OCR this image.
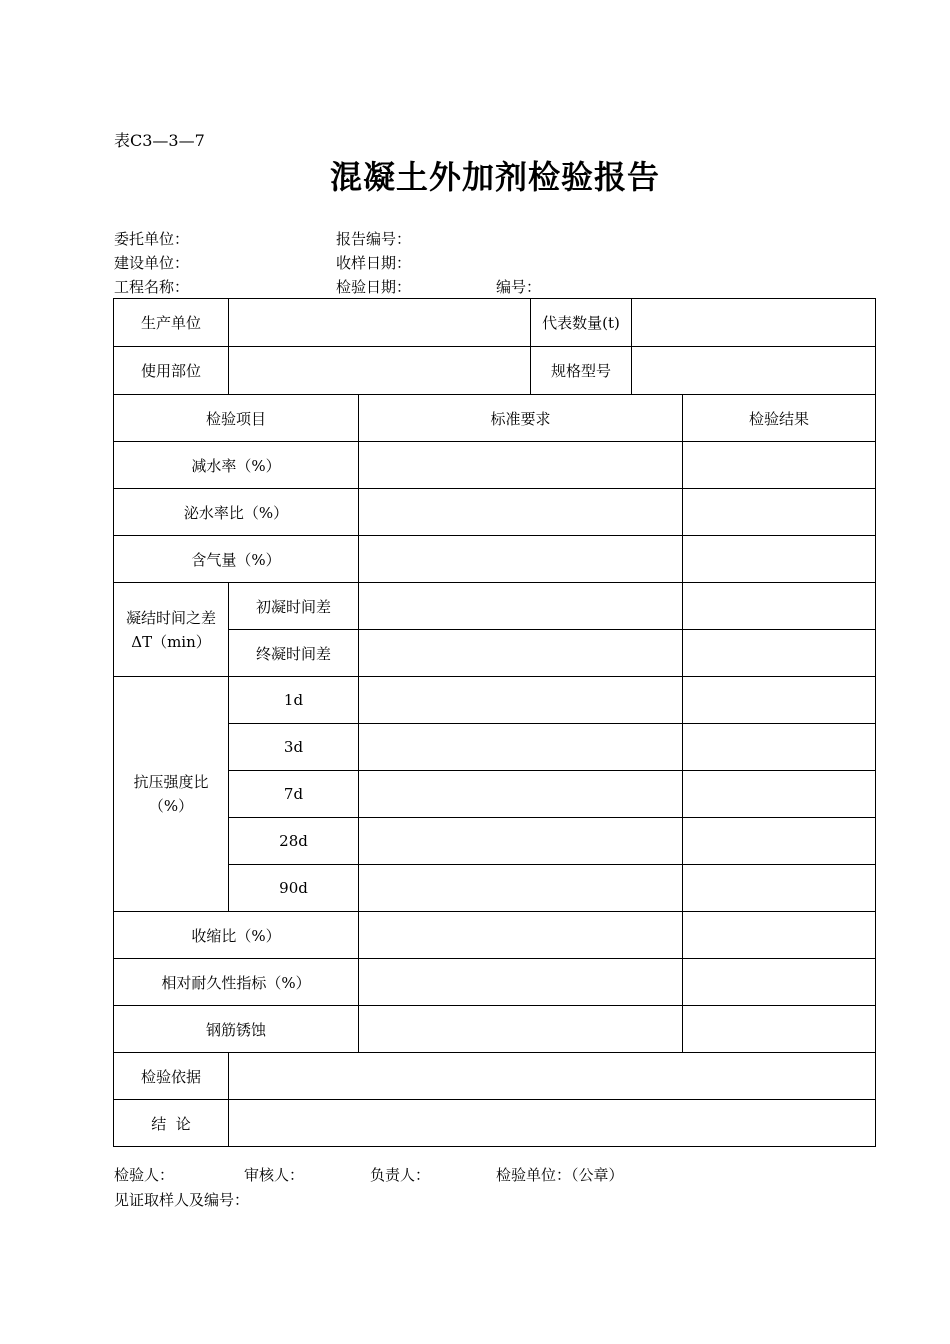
表C3—3—7
混凝土外加剂检验报告
委托单位：	报告编号：
建设单位：	收样日期：
工程名称：	检验日期：	编号：
生产单位		代表数量(t)	
使用部位		规格型号	
检验项目		标准要求	检验结果
减水率（%）			
泌水率比（%）			
含气量（%）			
凝结时间之差 ΔT（min）	初凝时间差		
	终凝时间差		
抗压强度比（%）	1d		
	3d		
	7d		
	28d		
	90d		
收缩比（%）			
相对耐久性指标（%）			
钢筋锈蚀			
检验依据			
结  论			
检验人：	审核人：	负责人：	检验单位：（公章）
见证取样人及编号：
